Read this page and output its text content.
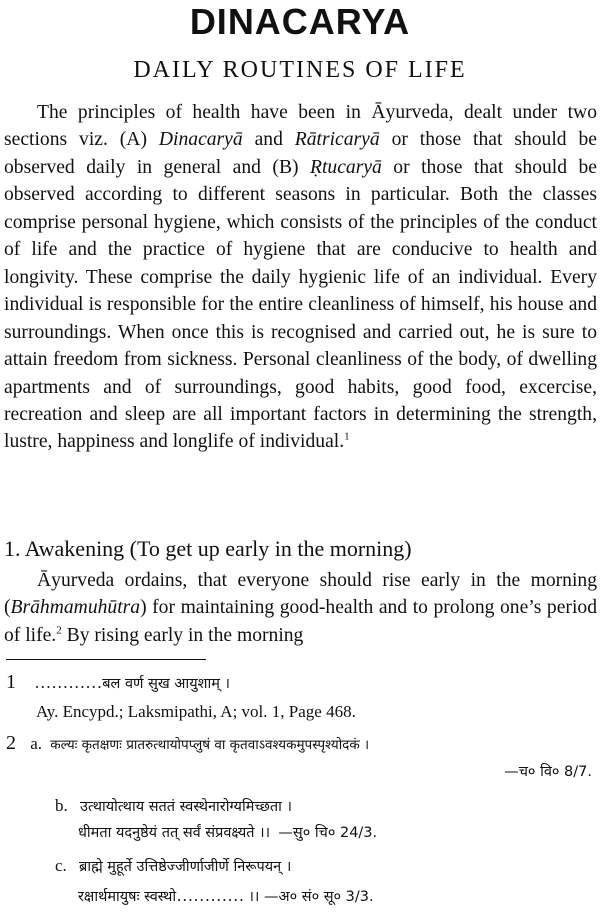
DINACARYA
DAILY ROUTINES OF LIFE

The principles of health have been in Āyurveda, dealt under two sections viz. (A) Dinacaryā and Rātricaryā or those that should be observed daily in general and (B) Ṛtucaryā or those that should be observed according to different seasons in particular. Both the classes comprise personal hygiene, which consists of the principles of the conduct of life and the practice of hygiene that are conducive to health and longivity. These comprise the daily hygienic life of an individual. Every individual is responsible for the entire cleanliness of himself, his house and surroundings. When once this is recognised and carried out, he is sure to attain freedom from sickness. Personal cleanliness of the body, of dwelling apartments and of surroundings, good habits, good food, excercise, recreation and sleep are all important factors in determining the strength, lustre, happiness and longlife of individual.$^1$

1. Awakening (To get up early in the morning)

Āyurveda ordains, that everyone should rise early in the morning (Brāhmamuhūtra) for maintaining good-health and to prolong one’s period of life.$^2$ By rising early in the morning

1 …………बल वर्ण सुख आयुशाम् ।
Ay. Encypd.; Laksmipathi, A; vol. 1, Page 468.
2 a. कल्यः कृतक्षणः प्रातरुत्थायोपप्लुषं वा कृतवाऽवश्यकमुपस्पृश्योदकं ।
—च० वि० 8/7.
b. उत्थायोत्थाय सततं स्वस्थेनारोग्यमिच्छता ।
धीमता यदनुष्ठेयं तत् सर्वं संप्रवक्ष्यते ।। —सु० चि० 24/3.
c. ब्राह्मे मुहूर्ते उत्तिष्ठेज्जीर्णाजीर्णे निरूपयन् ।
रक्षार्थमायुषः स्वस्थो………… ।। —अ० सं० सू० 3/3.
